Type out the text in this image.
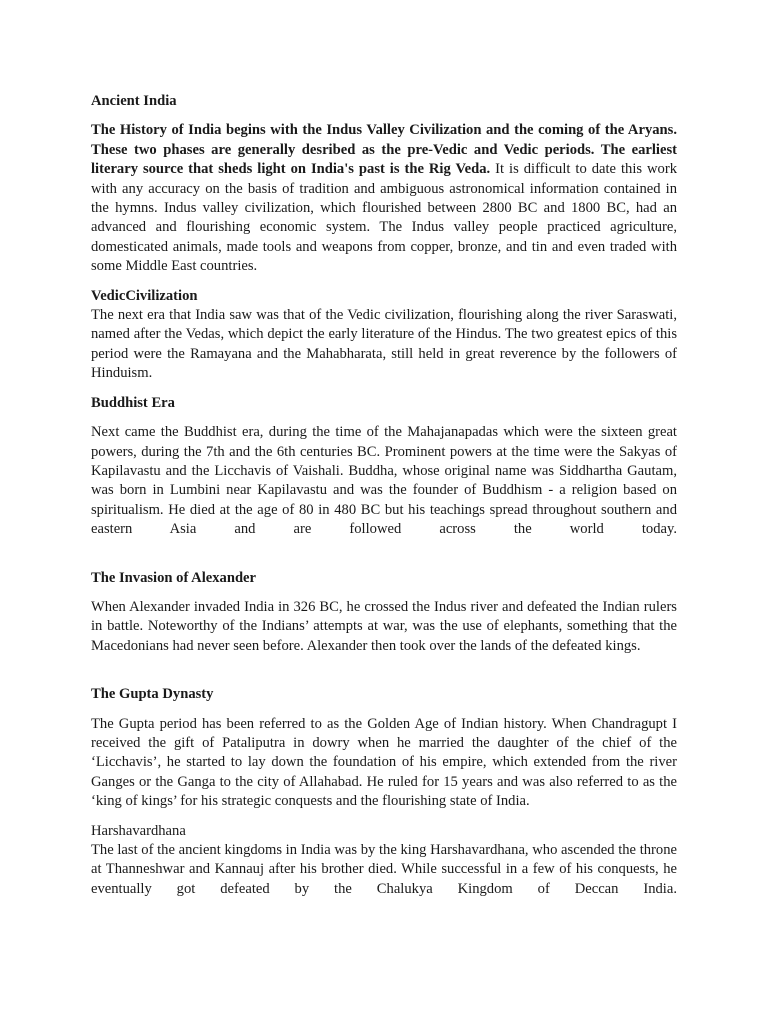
Ancient India

The History of India begins with the Indus Valley Civilization and the coming of the Aryans. These two phases are generally desribed as the pre-Vedic and Vedic periods. The earliest literary source that sheds light on India's past is the Rig Veda. It is difficult to date this work with any accuracy on the basis of tradition and ambiguous astronomical information contained in the hymns. Indus valley civilization, which flourished between 2800 BC and 1800 BC, had an advanced and flourishing economic system. The Indus valley people practiced agriculture, domesticated animals, made tools and weapons from copper, bronze, and tin and even traded with some Middle East countries.

VedicCivilization

The next era that India saw was that of the Vedic civilization, flourishing along the river Saraswati, named after the Vedas, which depict the early literature of the Hindus. The two greatest epics of this period were the Ramayana and the Mahabharata, still held in great reverence by the followers of Hinduism.

Buddhist Era

Next came the Buddhist era, during the time of the Mahajanapadas which were the sixteen great powers, during the 7th and the 6th centuries BC. Prominent powers at the time were the Sakyas of Kapilavastu and the Licchavis of Vaishali. Buddha, whose original name was Siddhartha Gautam, was born in Lumbini near Kapilavastu and was the founder of Buddhism - a religion based on spiritualism. He died at the age of 80 in 480 BC but his teachings spread throughout southern and eastern Asia and are followed across the world today.

The Invasion of Alexander

When Alexander invaded India in 326 BC, he crossed the Indus river and defeated the Indian rulers in battle. Noteworthy of the Indians’ attempts at war, was the use of elephants, something that the Macedonians had never seen before. Alexander then took over the lands of the defeated kings.

The Gupta Dynasty

The Gupta period has been referred to as the Golden Age of Indian history. When Chandragupt I received the gift of Pataliputra in dowry when he married the daughter of the chief of the ‘Licchavis’, he started to lay down the foundation of his empire, which extended from the river Ganges or the Ganga to the city of Allahabad. He ruled for 15 years and was also referred to as the ‘king of kings’ for his strategic conquests and the flourishing state of India.

Harshavardhana

The last of the ancient kingdoms in India was by the king Harshavardhana, who ascended the throne at Thanneshwar and Kannauj after his brother died. While successful in a few of his conquests, he eventually got defeated by the Chalukya Kingdom of Deccan India.
